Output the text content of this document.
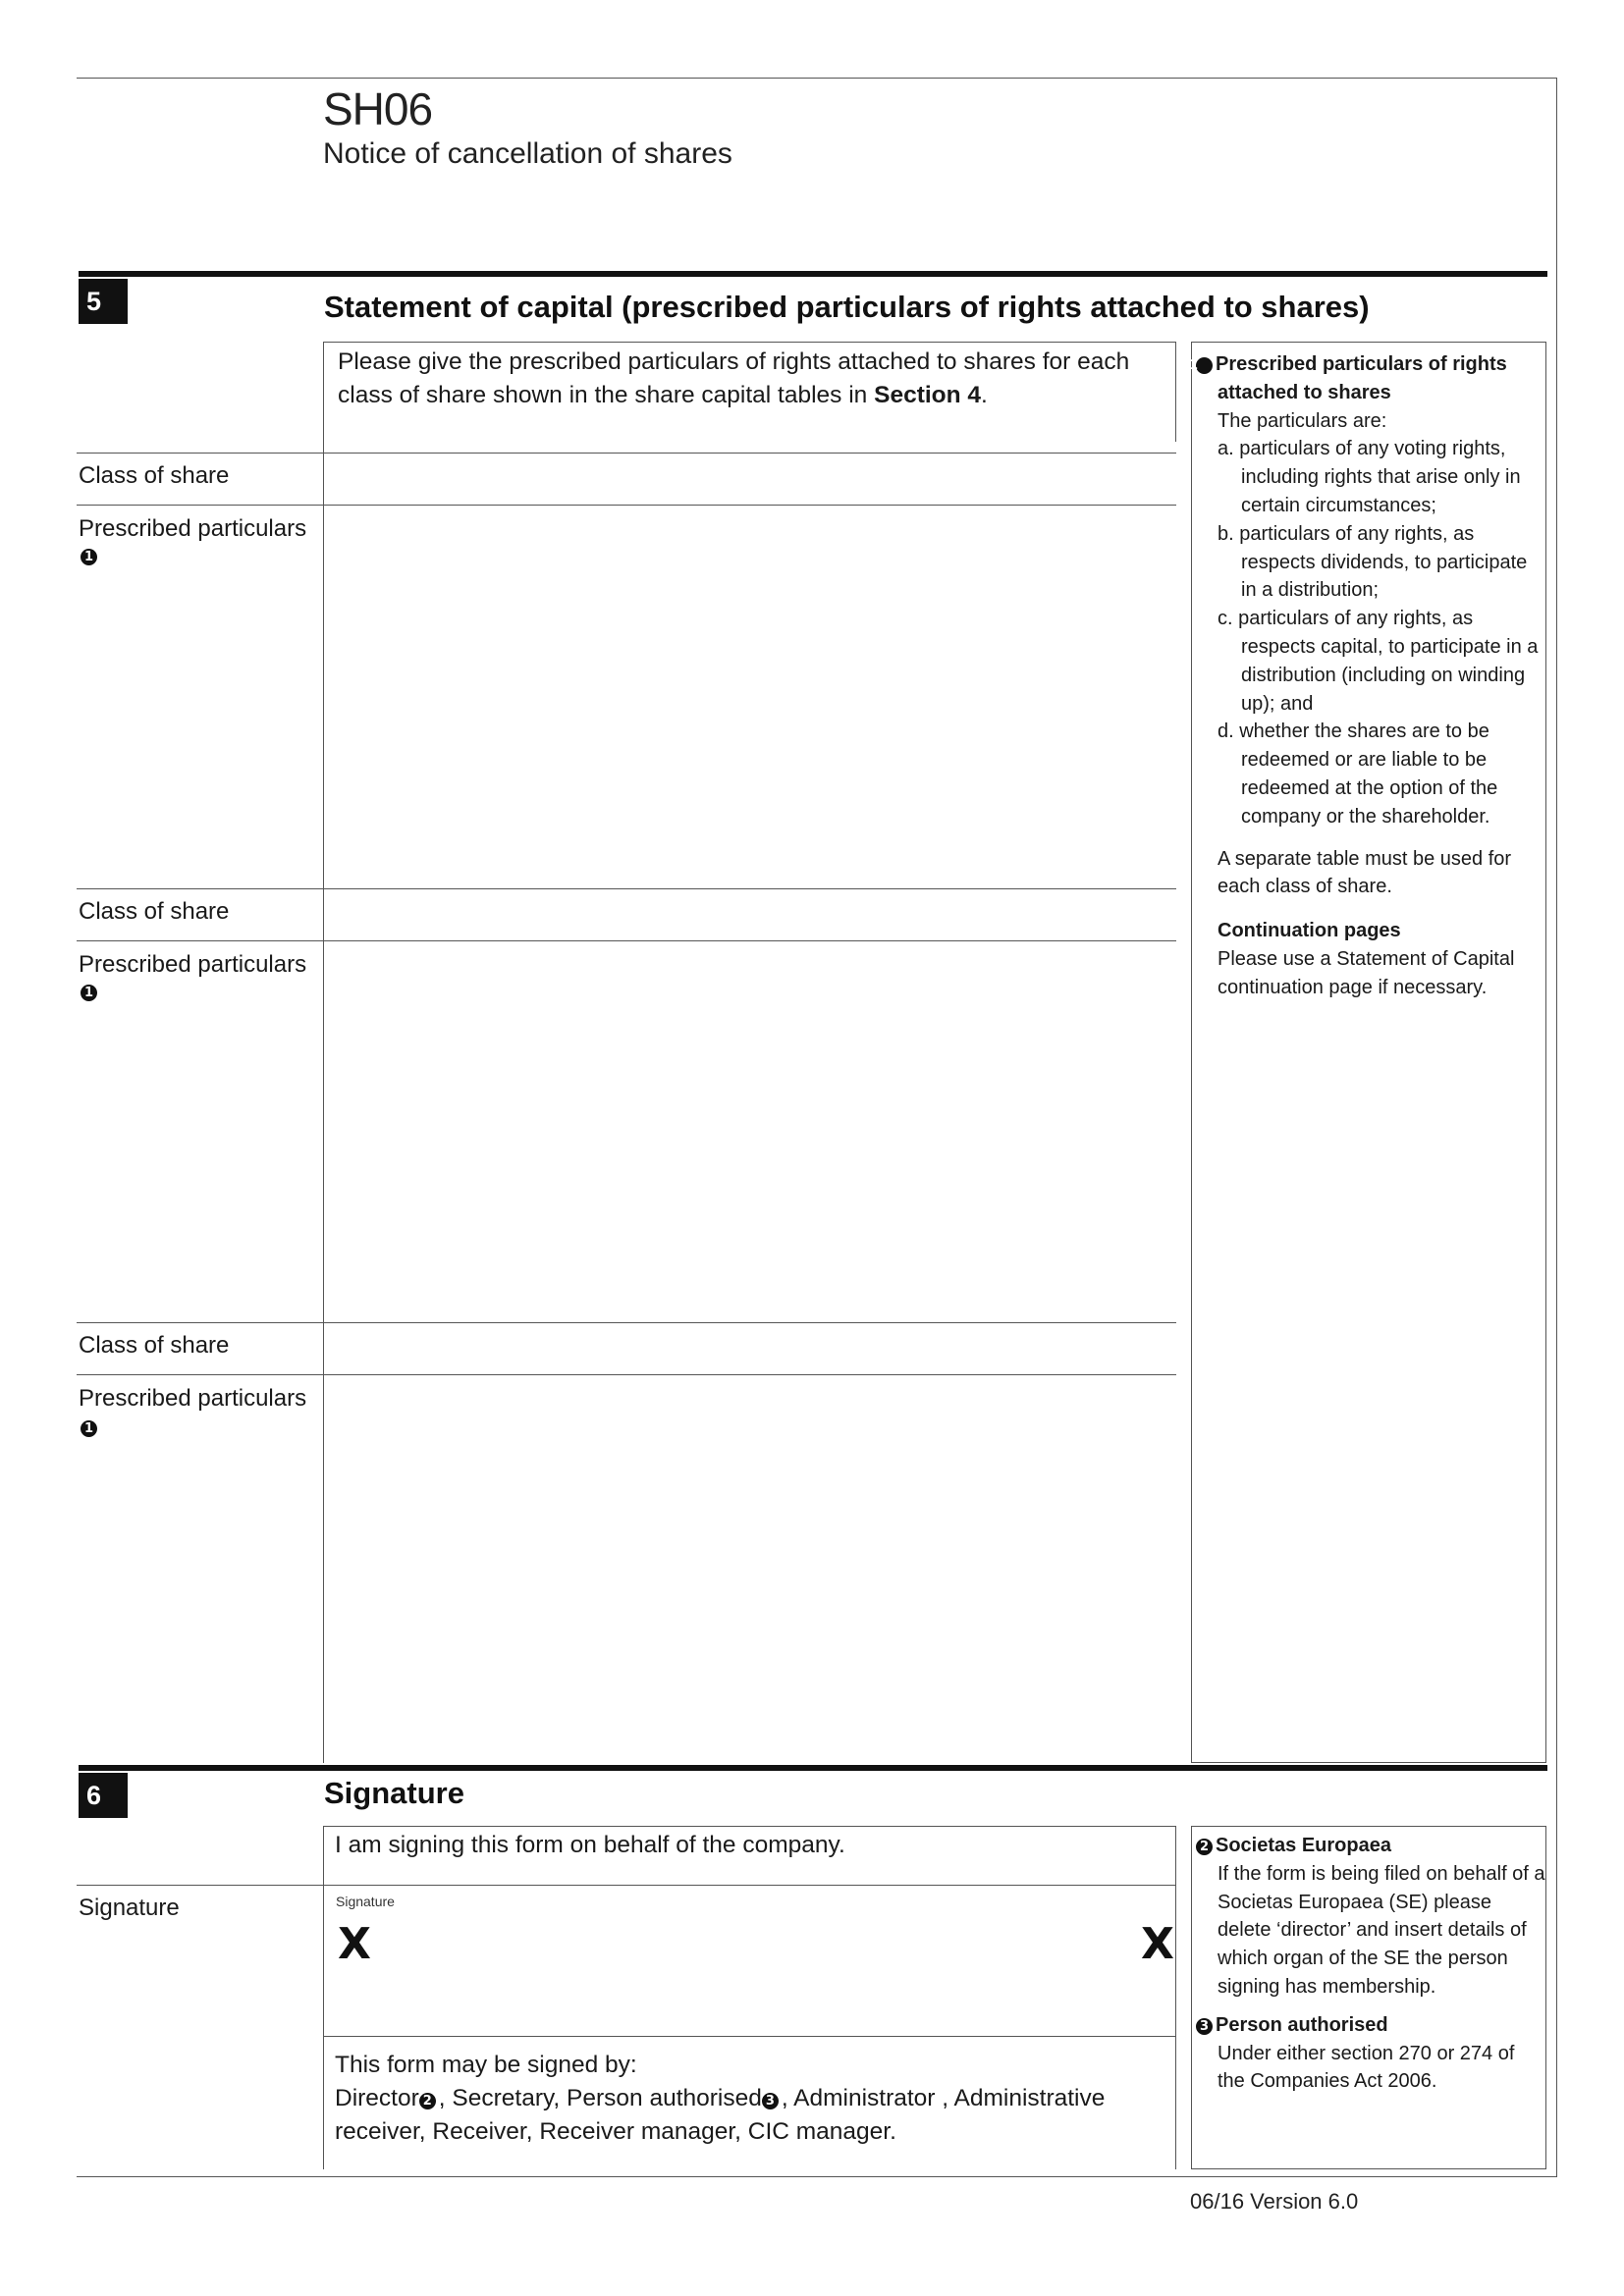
SH06
Notice of cancellation of shares
5	Statement of capital (prescribed particulars of rights attached to shares)
Please give the prescribed particulars of rights attached to shares for each class of share shown in the share capital tables in Section 4.
Class of share
Prescribed particulars
1
Class of share
Prescribed particulars
1
Class of share
Prescribed particulars
1
1 Prescribed particulars of rights
attached to shares
The particulars are:
a. particulars of any voting rights, including rights that arise only in certain circumstances;
b. particulars of any rights, as respects dividends, to participate in a distribution;
c. particulars of any rights, as respects capital, to participate in a distribution (including on winding up); and
d. whether the shares are to be redeemed or are liable to be redeemed at the option of the company or the shareholder.
A separate table must be used for each class of share.
Continuation pages
Please use a Statement of Capital continuation page if necessary.
6	Signature
I am signing this form on behalf of the company.
Signature	Signature
X	X
This form may be signed by:
Director 2 , Secretary, Person authorised 3 , Administrator , Administrative
receiver, Receiver, Receiver manager, CIC manager.
2 Societas Europaea
If the form is being filed on behalf of a Societas Europaea (SE) please delete ‘director’ and insert details of which organ of the SE the person signing has membership.
3 Person authorised
Under either section 270 or 274 of the Companies Act 2006.
06/16 Version 6.0
